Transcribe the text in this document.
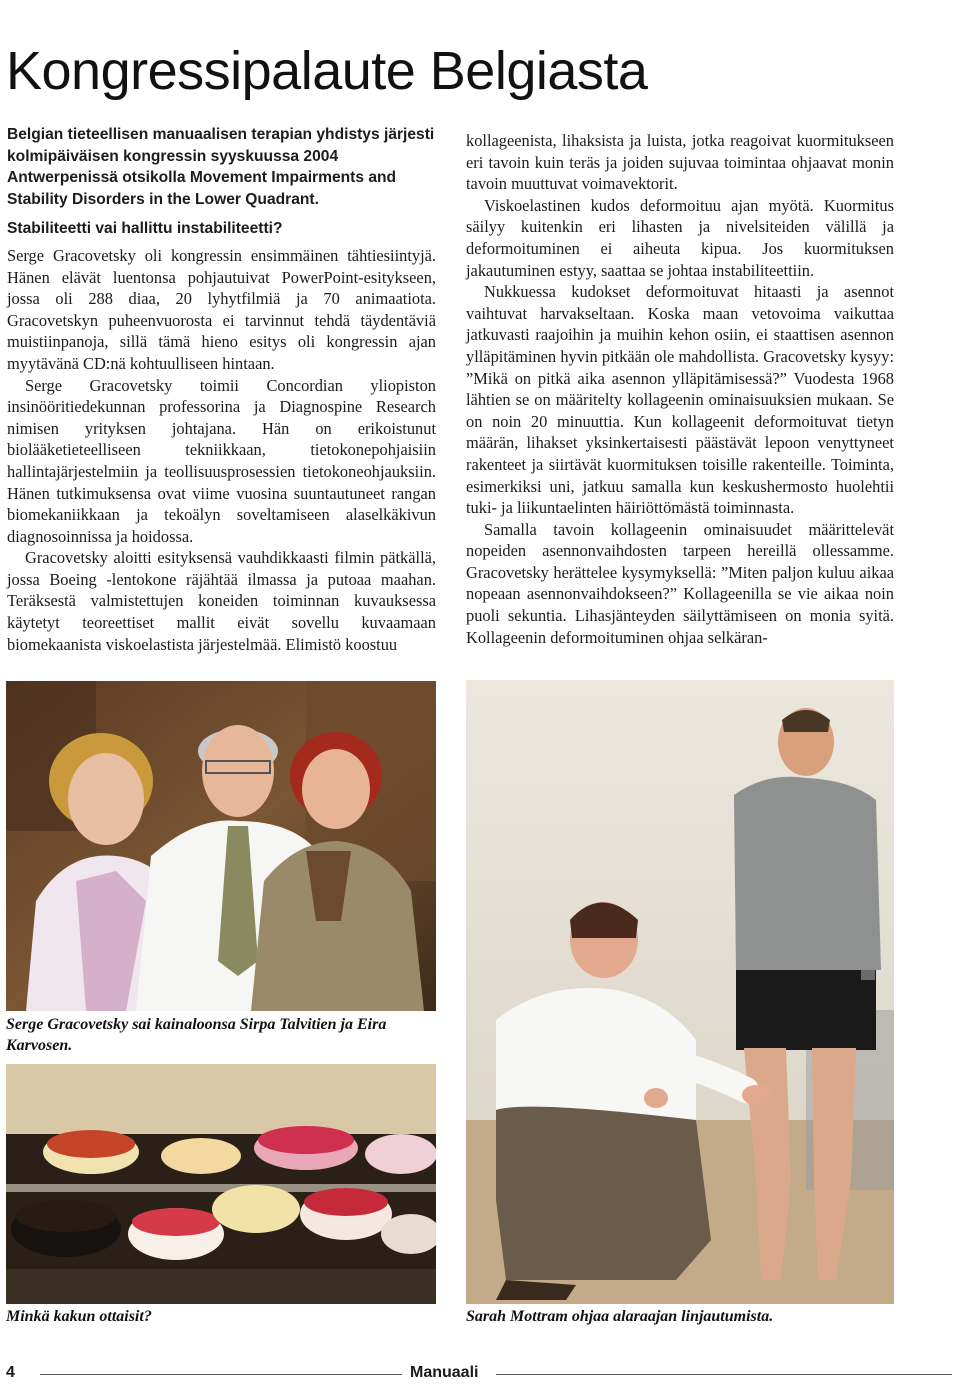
Kongressipalaute Belgiasta

Belgian tieteellisen manuaalisen terapian yhdistys järjesti kolmipäiväisen kongressin syyskuussa 2004 Antwerpenissä otsikolla Movement Impairments and Stability Disorders in the Lower Quadrant.

Stabiliteetti vai hallittu instabiliteetti?

Serge Gracovetsky oli kongressin ensimmäinen tähtiesiintyjä. Hänen elävät luentonsa pohjautuivat PowerPoint-esitykseen, jossa oli 288 diaa, 20 lyhytfilmiä ja 70 animaatiota. Gracovetskyn puheenvuorosta ei tarvinnut tehdä täydentäviä muistiinpanoja, sillä tämä hieno esitys oli kongressin ajan myytävänä CD:nä kohtuulliseen hintaan.

Serge Gracovetsky toimii Concordian yliopiston insinööritiedekunnan professorina ja Diagnospine Research nimisen yrityksen johtajana. Hän on erikoistunut biolääketieteelliseen tekniikkaan, tietokonepohjaisiin hallintajärjestelmiin ja teollisuusprosessien tietokoneohjauksiin. Hänen tutkimuksensa ovat viime vuosina suuntautuneet rangan biomekaniikkaan ja tekoälyn soveltamiseen alaselkäkivun diagnosoinnissa ja hoidossa.

Gracovetsky aloitti esityksensä vauhdikkaasti filmin pätkällä, jossa Boeing -lentokone räjähtää ilmassa ja putoaa maahan. Teräksestä valmistettujen koneiden toiminnan kuvauksessa käytetyt teoreettiset mallit eivät sovellu kuvaamaan biomekaanista viskoelastista järjestelmää. Elimistö koostuu

kollageenista, lihaksista ja luista, jotka reagoivat kuormitukseen eri tavoin kuin teräs ja joiden sujuvaa toimintaa ohjaavat monin tavoin muuttuvat voimavektorit.

Viskoelastinen kudos deformoituu ajan myötä. Kuormitus säilyy kuitenkin eri lihasten ja nivelsiteiden välillä ja deformoituminen ei aiheuta kipua. Jos kuormituksen jakautuminen estyy, saattaa se johtaa instabiliteettiin.

Nukkuessa kudokset deformoituvat hitaasti ja asennot vaihtuvat harvakseltaan. Koska maan vetovoima vaikuttaa jatkuvasti raajoihin ja muihin kehon osiin, ei staattisen asennon ylläpitäminen hyvin pitkään ole mahdollista. Gracovetsky kysyy: ”Mikä on pitkä aika asennon ylläpitämisessä?” Vuodesta 1968 lähtien se on määritelty kollageenin ominaisuuksien mukaan. Se on noin 20 minuuttia. Kun kollageenit deformoituvat tietyn määrän, lihakset yksinkertaisesti päästävät lepoon venyttyneet rakenteet ja siirtävät kuormituksen toisille rakenteille. Toiminta, esimerkiksi uni, jatkuu samalla kun keskushermosto huolehtii tuki- ja liikuntaelinten häiriöttömästä toiminnasta.

Samalla tavoin kollageenin ominaisuudet määrittelevät nopeiden asennonvaihdosten tarpeen hereillä ollessamme. Gracovetsky herättelee kysymyksellä: ”Miten paljon kuluu aikaa nopeaan asennonvaihdokseen?” Kollageenilla se vie aikaa noin puoli sekuntia. Lihasjänteyden säilyttämiseen on monia syitä. Kollageenin deformoituminen ohjaa selkäran-

Serge Gracovetsky sai kainaloonsa Sirpa Talvitien ja Eira Karvosen.
Minkä kakun ottaisit?	Sarah Mottram ohjaa alaraajan linjautumista.
4	Manuaali
